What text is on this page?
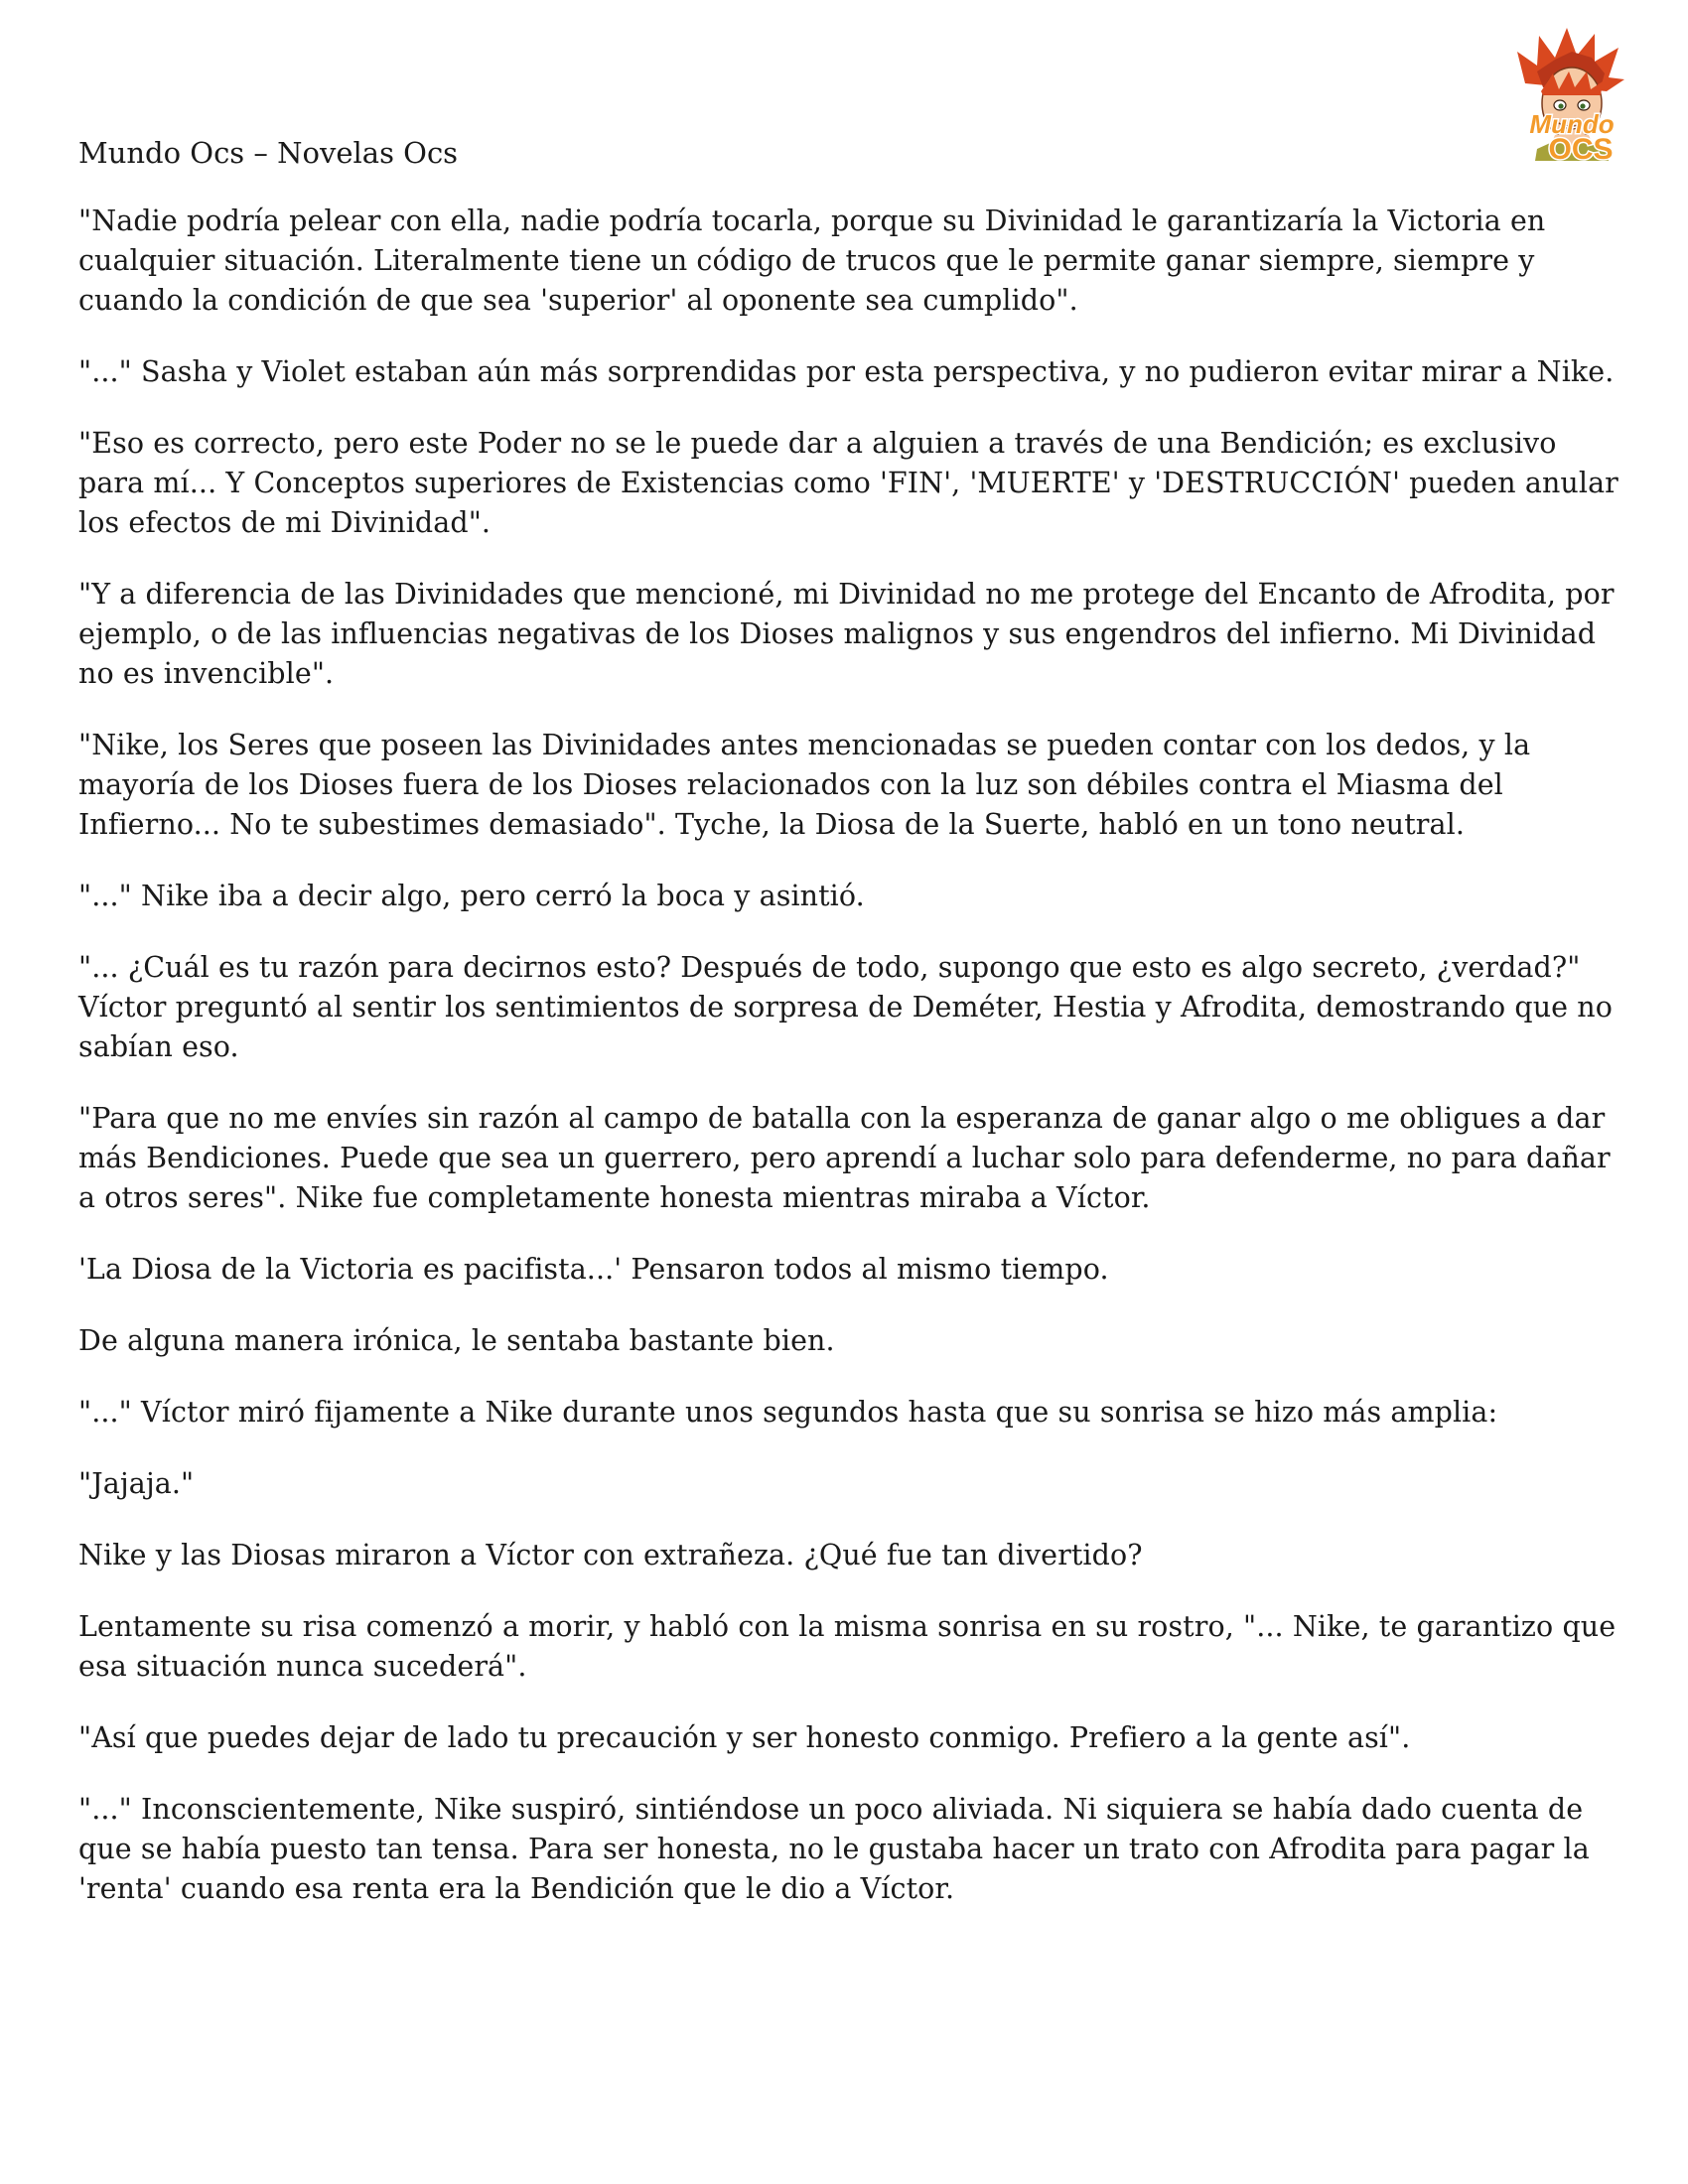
Mundo
OCS
Mundo Ocs – Novelas Ocs

"Nadie podría pelear con ella, nadie podría tocarla, porque su Divinidad le garantizaría la Victoria en cualquier situación. Literalmente tiene un código de trucos que le permite ganar siempre, siempre y cuando la condición de que sea 'superior' al oponente sea cumplido".

"..." Sasha y Violet estaban aún más sorprendidas por esta perspectiva, y no pudieron evitar mirar a Nike.

"Eso es correcto, pero este Poder no se le puede dar a alguien a través de una Bendición; es exclusivo para mí... Y Conceptos superiores de Existencias como 'FIN', 'MUERTE' y 'DESTRUCCIÓN' pueden anular los efectos de mi Divinidad".

"Y a diferencia de las Divinidades que mencioné, mi Divinidad no me protege del Encanto de Afrodita, por ejemplo, o de las influencias negativas de los Dioses malignos y sus engendros del infierno. Mi Divinidad no es invencible".

"Nike, los Seres que poseen las Divinidades antes mencionadas se pueden contar con los dedos, y la mayoría de los Dioses fuera de los Dioses relacionados con la luz son débiles contra el Miasma del Infierno... No te subestimes demasiado". Tyche, la Diosa de la Suerte, habló en un tono neutral.

"..." Nike iba a decir algo, pero cerró la boca y asintió.

"... ¿Cuál es tu razón para decirnos esto? Después de todo, supongo que esto es algo secreto, ¿verdad?" Víctor preguntó al sentir los sentimientos de sorpresa de Deméter, Hestia y Afrodita, demostrando que no sabían eso.

"Para que no me envíes sin razón al campo de batalla con la esperanza de ganar algo o me obligues a dar más Bendiciones. Puede que sea un guerrero, pero aprendí a luchar solo para defenderme, no para dañar a otros seres". Nike fue completamente honesta mientras miraba a Víctor.

'La Diosa de la Victoria es pacifista...' Pensaron todos al mismo tiempo.

De alguna manera irónica, le sentaba bastante bien.

"..." Víctor miró fijamente a Nike durante unos segundos hasta que su sonrisa se hizo más amplia:

"Jajaja."

Nike y las Diosas miraron a Víctor con extrañeza. ¿Qué fue tan divertido?

Lentamente su risa comenzó a morir, y habló con la misma sonrisa en su rostro, "... Nike, te garantizo que esa situación nunca sucederá".

"Así que puedes dejar de lado tu precaución y ser honesto conmigo. Prefiero a la gente así".

"..." Inconscientemente, Nike suspiró, sintiéndose un poco aliviada. Ni siquiera se había dado cuenta de que se había puesto tan tensa. Para ser honesta, no le gustaba hacer un trato con Afrodita para pagar la 'renta' cuando esa renta era la Bendición que le dio a Víctor.
